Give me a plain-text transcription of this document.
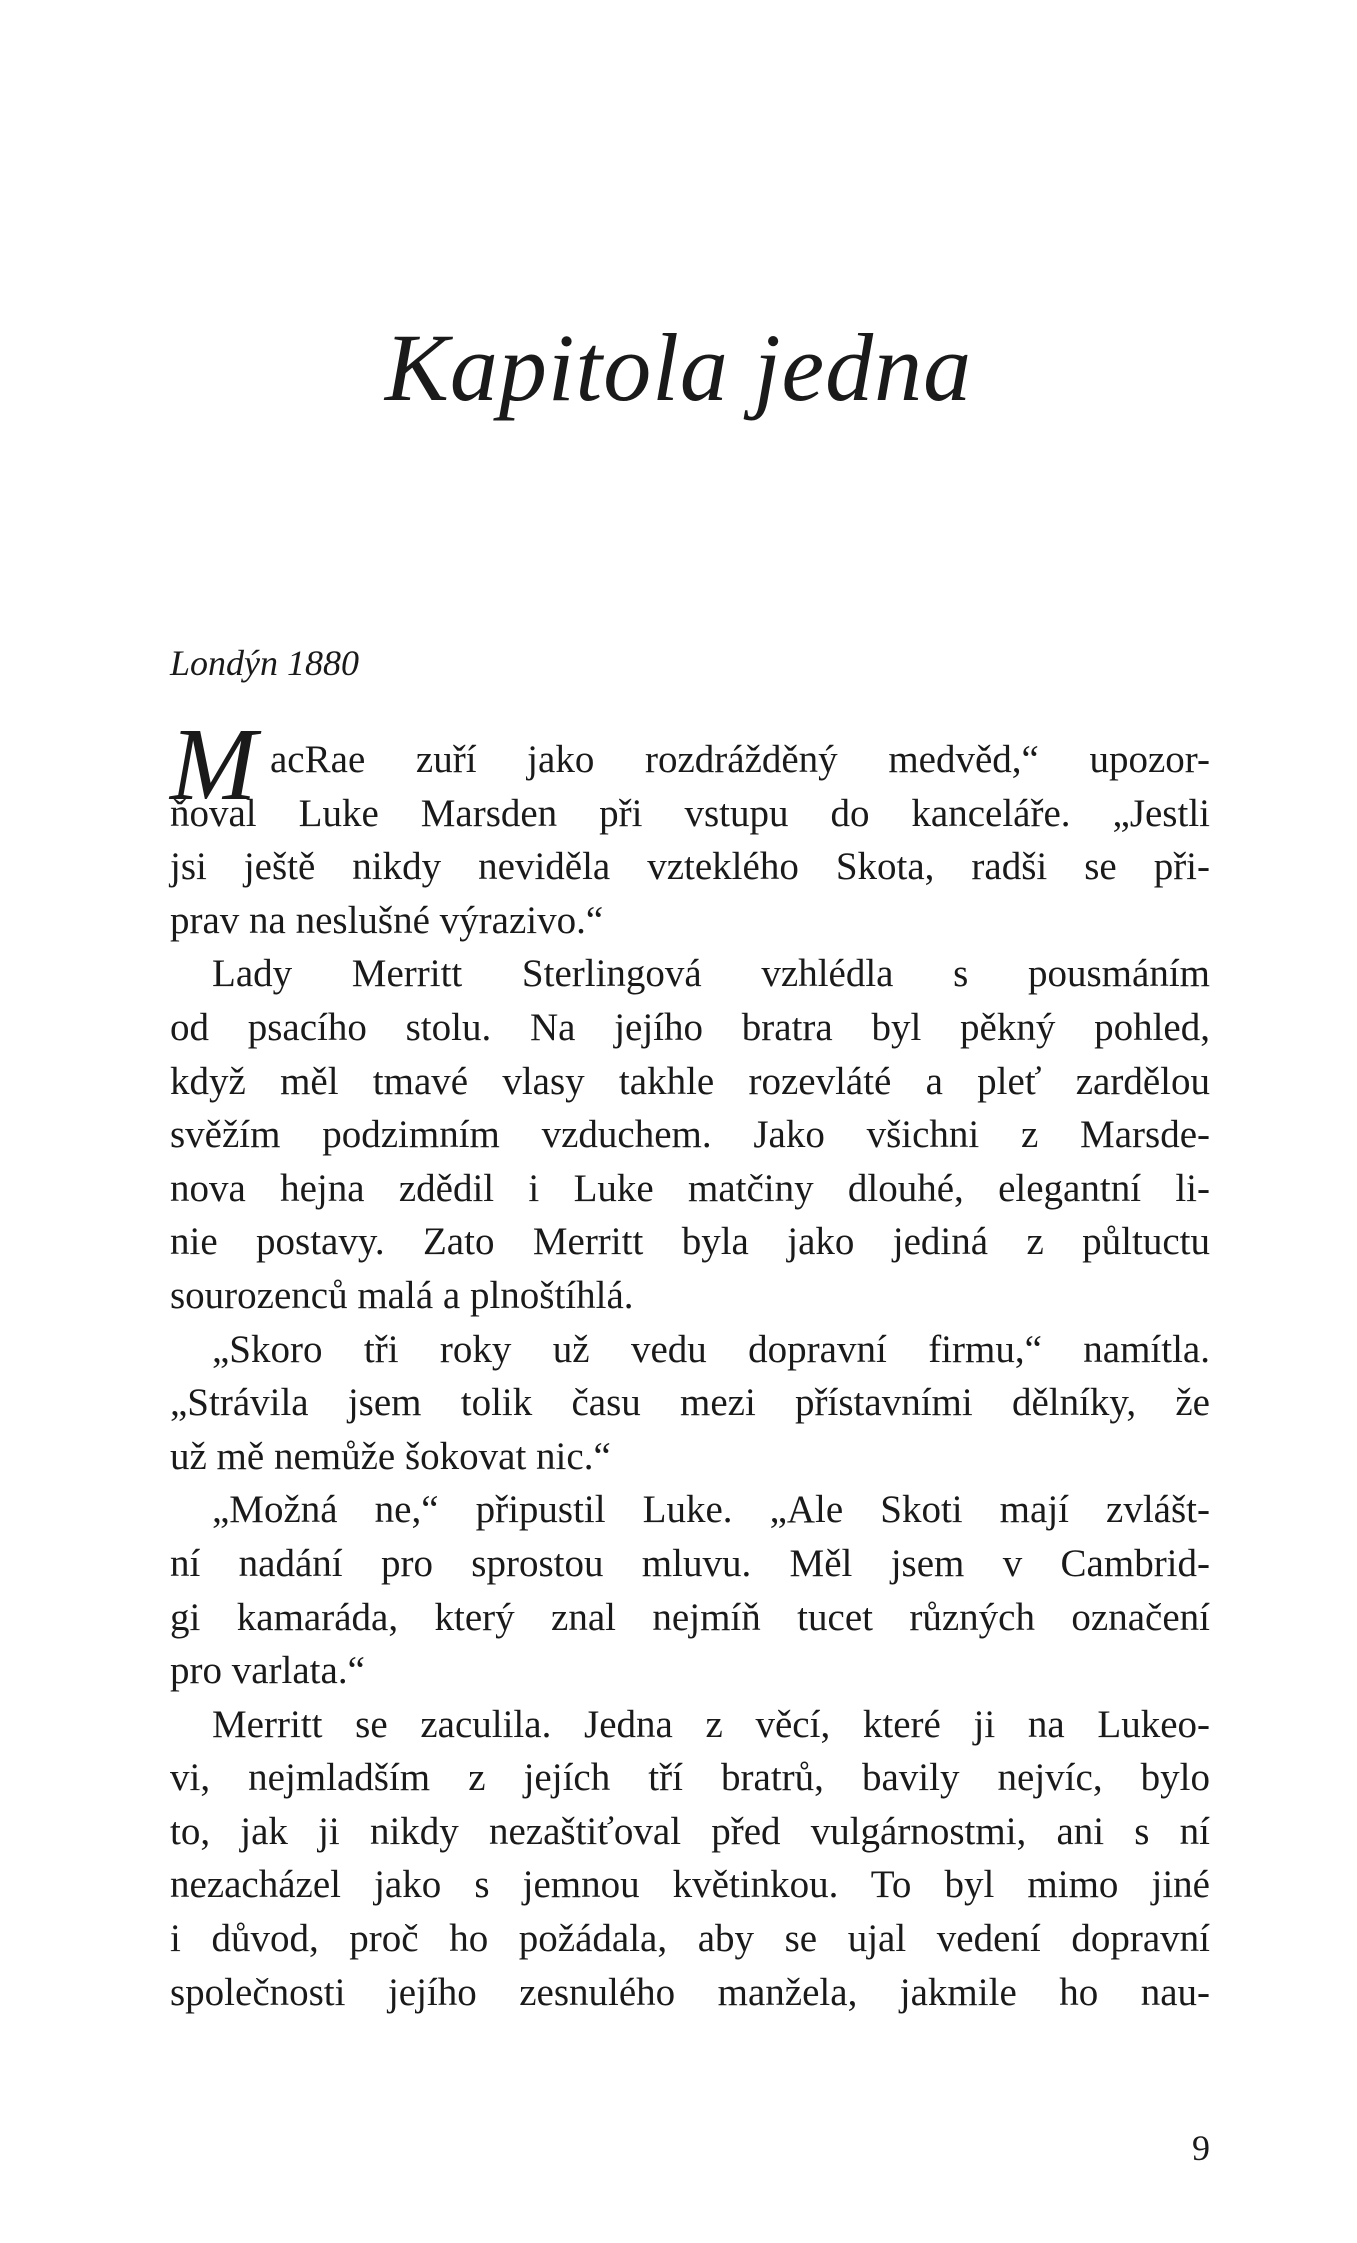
Kapitola jedna

Londýn 1880

M acRae zuří jako rozdrážděný medvěd,“ upozor-
ňoval Luke Marsden při vstupu do kanceláře. „Jestli
jsi ještě nikdy neviděla vzteklého Skota, radši se při-
prav na neslušné výrazivo.“
Lady Merritt Sterlingová vzhlédla s pousmáním
od psacího stolu. Na jejího bratra byl pěkný pohled,
když měl tmavé vlasy takhle rozevláté a pleť zardělou
svěžím podzimním vzduchem. Jako všichni z Marsde-
nova hejna zdědil i Luke matčiny dlouhé, elegantní li-
nie postavy. Zato Merritt byla jako jediná z půltuctu
sourozenců malá a plnoštíhlá.
„Skoro tři roky už vedu dopravní firmu,“ namítla.
„Strávila jsem tolik času mezi přístavními dělníky, že
už mě nemůže šokovat nic.“
„Možná ne,“ připustil Luke. „Ale Skoti mají zvlášt-
ní nadání pro sprostou mluvu. Měl jsem v Cambrid-
gi kamaráda, který znal nejmíň tucet různých označení
pro varlata.“
Merritt se zaculila. Jedna z věcí, které ji na Lukeo-
vi, nejmladším z jejích tří bratrů, bavily nejvíc, bylo
to, jak ji nikdy nezaštiťoval před vulgárnostmi, ani s ní
nezacházel jako s jemnou květinkou. To byl mimo jiné
i důvod, proč ho požádala, aby se ujal vedení dopravní
společnosti jejího zesnulého manžela, jakmile ho nau-
9
